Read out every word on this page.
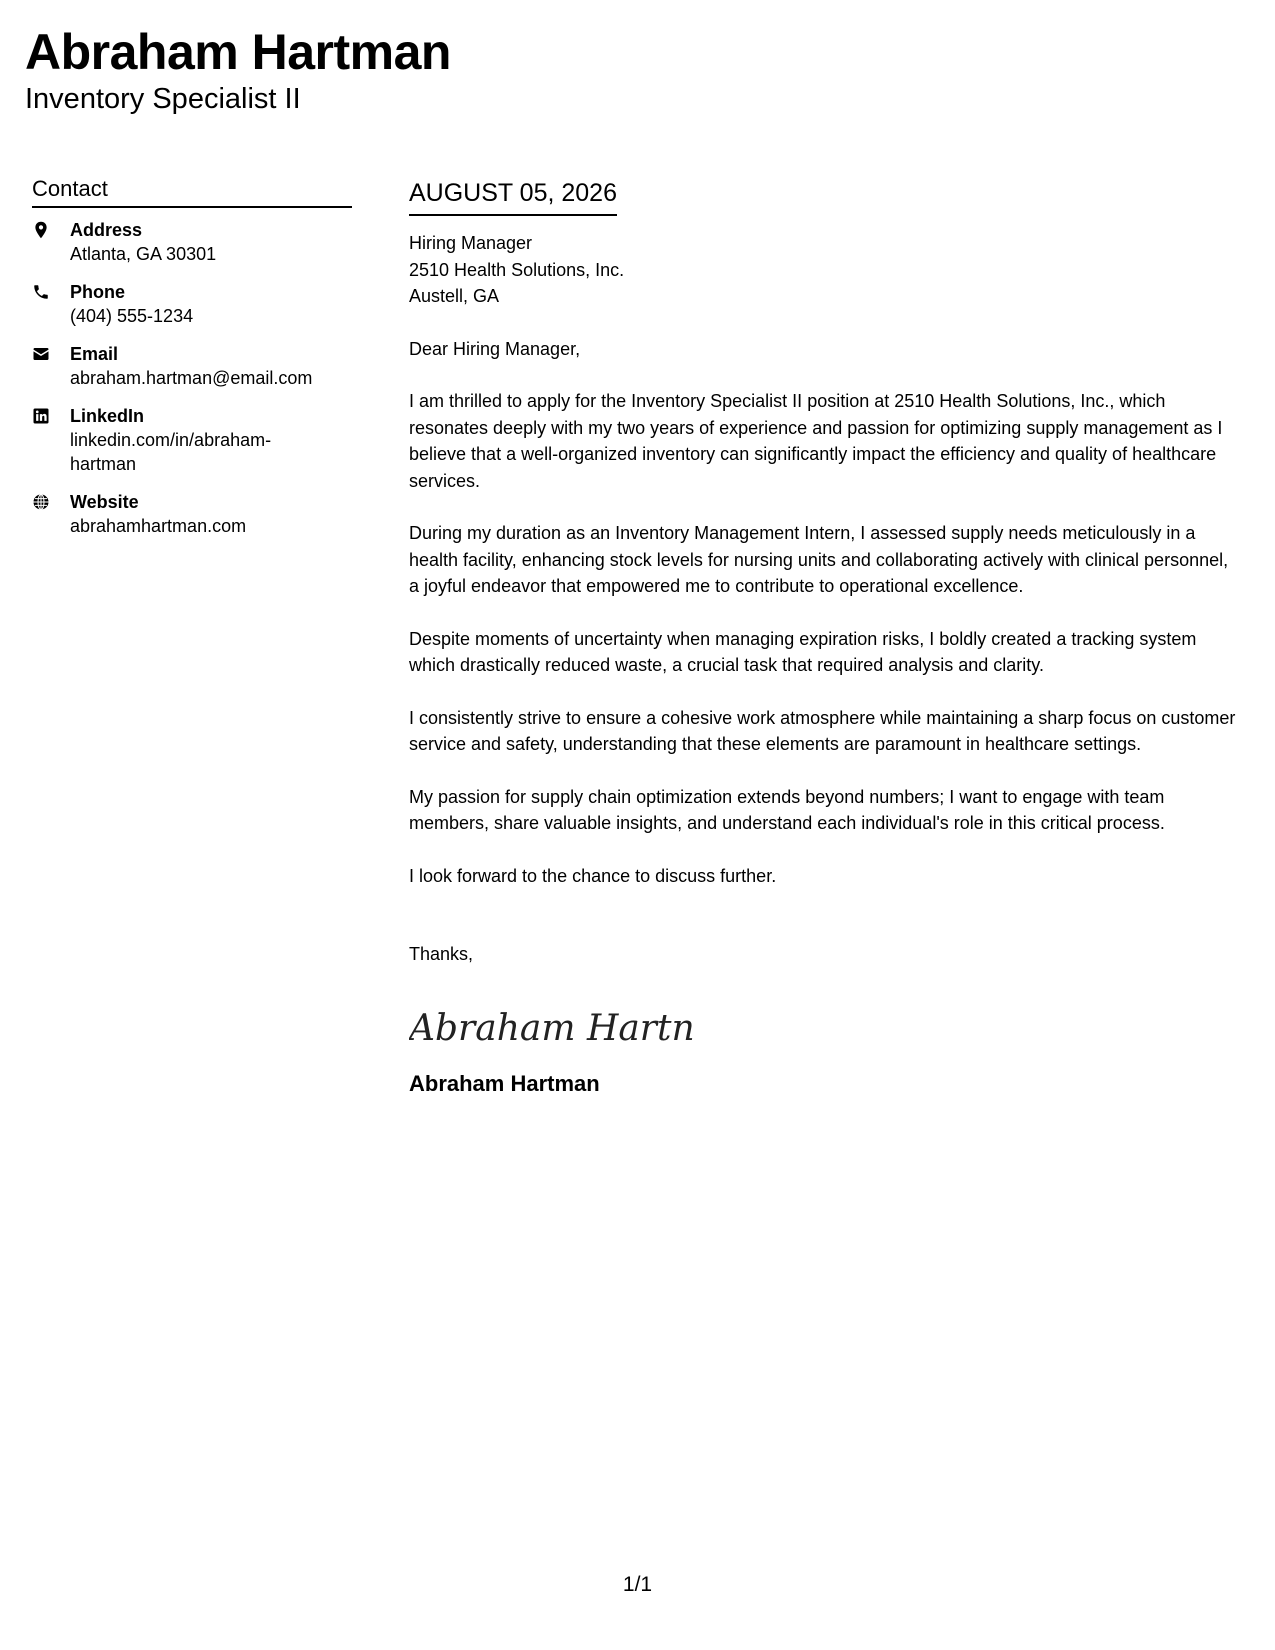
Abraham Hartman
Inventory Specialist II
Contact
Address
Atlanta, GA 30301
Phone
(404) 555-1234
Email
abraham.hartman@email.com
LinkedIn
linkedin.com/in/abraham-hartman
Website
abrahamhartman.com
AUGUST 05, 2026

Hiring Manager

2510 Health Solutions, Inc.

Austell, GA

Dear Hiring Manager,

I am thrilled to apply for the Inventory Specialist II position at 2510 Health Solutions, Inc., which resonates deeply with my two years of experience and passion for optimizing supply management as I believe that a well-organized inventory can significantly impact the efficiency and quality of healthcare services.

During my duration as an Inventory Management Intern, I assessed supply needs meticulously in a health facility, enhancing stock levels for nursing units and collaborating actively with clinical personnel, a joyful endeavor that empowered me to contribute to operational excellence.

Despite moments of uncertainty when managing expiration risks, I boldly created a tracking system which drastically reduced waste, a crucial task that required analysis and clarity.

I consistently strive to ensure a cohesive work atmosphere while maintaining a sharp focus on customer service and safety, understanding that these elements are paramount in healthcare settings.

My passion for supply chain optimization extends beyond numbers; I want to engage with team members, share valuable insights, and understand each individual's role in this critical process.

I look forward to the chance to discuss further.

Thanks,
Abraham Hartn
Abraham Hartman
1/1
